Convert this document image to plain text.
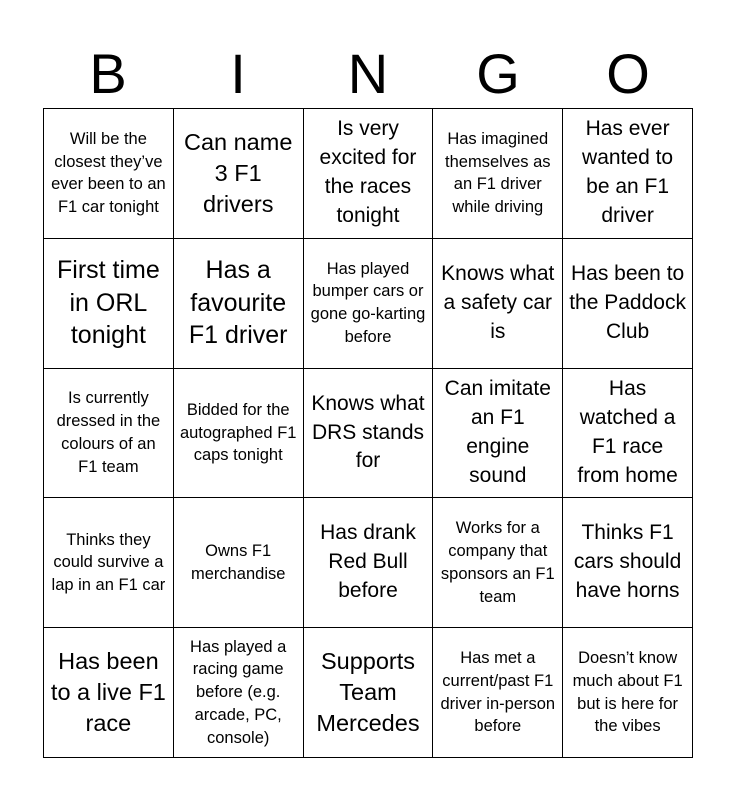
B	I	N	G	O
Will be the closest they’ve ever been to an F1 car tonight
Can name 3 F1 drivers
Is very excited for the races tonight
Has imagined themselves as an F1 driver while driving
Has ever wanted to be an F1 driver
First time in ORL tonight
Has a favourite F1 driver
Has played bumper cars or gone go-karting before
Knows what a safety car is
Has been to the Paddock Club
Is currently dressed in the colours of an F1 team
Bidded for the autographed F1 caps tonight
Knows what DRS stands for
Can imitate an F1 engine sound
Has watched a F1 race from home
Thinks they could survive a lap in an F1 car
Owns F1 merchandise
Has drank Red Bull before
Works for a company that sponsors an F1 team
Thinks F1 cars should have horns
Has been to a live F1 race
Has played a racing game before (e.g. arcade, PC, console)
Supports Team Mercedes
Has met a current/past F1 driver in-person before
Doesn’t know much about F1 but is here for the vibes
